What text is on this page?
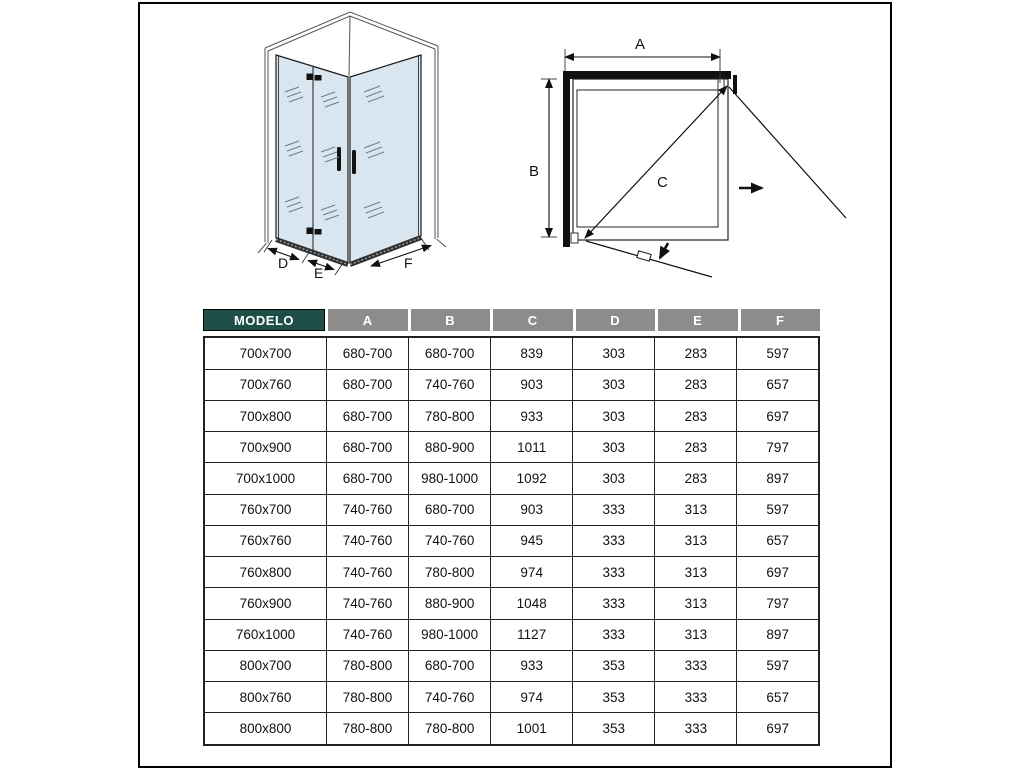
D
E
F
A
B
C
MODELO	A	B	C	D	E	F
700x700	680-700	680-700	839	303	283	597
700x760	680-700	740-760	903	303	283	657
700x800	680-700	780-800	933	303	283	697
700x900	680-700	880-900	1011	303	283	797
700x1000	680-700	980-1000	1092	303	283	897
760x700	740-760	680-700	903	333	313	597
760x760	740-760	740-760	945	333	313	657
760x800	740-760	780-800	974	333	313	697
760x900	740-760	880-900	1048	333	313	797
760x1000	740-760	980-1000	1127	333	313	897
800x700	780-800	680-700	933	353	333	597
800x760	780-800	740-760	974	353	333	657
800x800	780-800	780-800	1001	353	333	697
